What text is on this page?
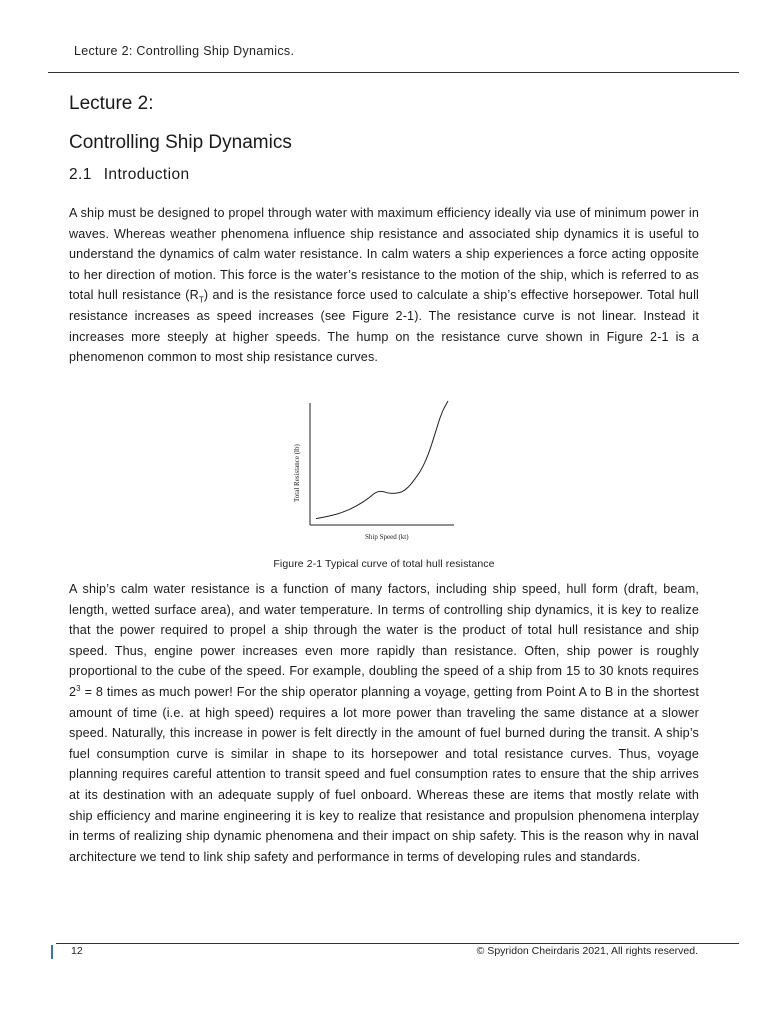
Lecture 2: Controlling Ship Dynamics.
Lecture 2:
Controlling Ship Dynamics
2.1 Introduction

A ship must be designed to propel through water with maximum efficiency ideally via use of minimum power in waves. Whereas weather phenomena influence ship resistance and associated ship dynamics it is useful to understand the dynamics of calm water resistance. In calm waters a ship experiences a force acting opposite to her direction of motion. This force is the water’s resistance to the motion of the ship, which is referred to as total hull resistance $(R_T)$ and is the resistance force used to calculate a ship’s effective horsepower. Total hull resistance increases as speed increases (see Figure 2-1). The resistance curve is not linear. Instead it increases more steeply at higher speeds. The hump on the resistance curve shown in Figure 2-1 is a phenomenon common to most ship resistance curves.

Total Resistance (lb)
Ship Speed (kt)
Figure 2-1 Typical curve of total hull resistance

A ship’s calm water resistance is a function of many factors, including ship speed, hull form (draft, beam, length, wetted surface area), and water temperature. In terms of controlling ship dynamics, it is key to realize that the power required to propel a ship through the water is the product of total hull resistance and ship speed. Thus, engine power increases even more rapidly than resistance. Often, ship power is roughly proportional to the cube of the speed. For example, doubling the speed of a ship from 15 to 30 knots requires $2^3 = 8$ times as much power! For the ship operator planning a voyage, getting from Point A to B in the shortest amount of time (i.e. at high speed) requires a lot more power than traveling the same distance at a slower speed. Naturally, this increase in power is felt directly in the amount of fuel burned during the transit. A ship’s fuel consumption curve is similar in shape to its horsepower and total resistance curves. Thus, voyage planning requires careful attention to transit speed and fuel consumption rates to ensure that the ship arrives at its destination with an adequate supply of fuel onboard. Whereas these are items that mostly relate with ship efficiency and marine engineering it is key to realize that resistance and propulsion phenomena interplay in terms of realizing ship dynamic phenomena and their impact on ship safety. This is the reason why in naval architecture we tend to link ship safety and performance in terms of developing rules and standards.

12	© Spyridon Cheirdaris 2021, All rights reserved.
